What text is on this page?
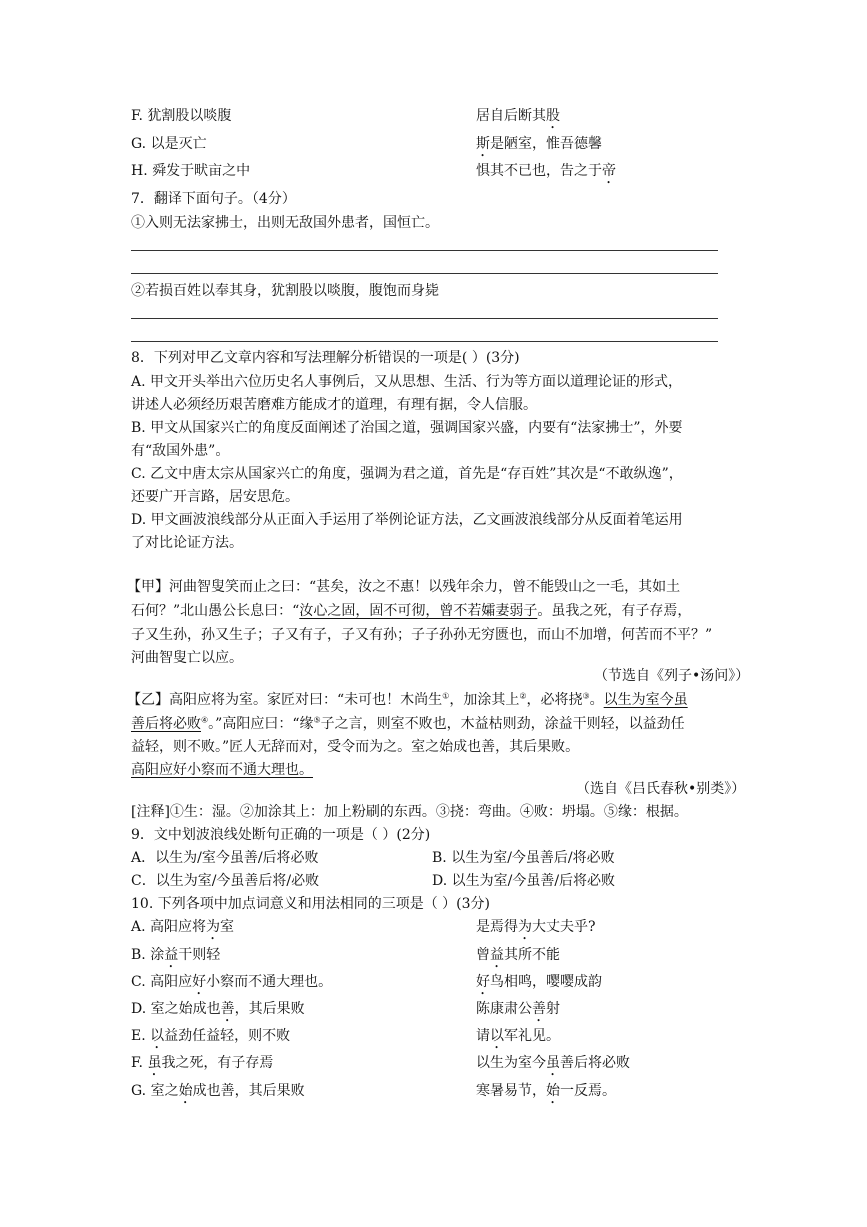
F. 犹割股以啖腹	居自后断其股
G. 以是灭亡	斯是陋室，惟吾德馨
H. 舜发于畎亩之中	惧其不已也，告之于帝
7．翻译下面句子。（4分）
①入则无法家拂士，出则无敌国外患者，国恒亡。
②若损百姓以奉其身，犹割股以啖腹，腹饱而身毙
8．下列对甲乙文章内容和写法理解分析错误的一项是( ）(3分)
A. 甲文开头举出六位历史名人事例后，又从思想、生活、行为等方面以道理论证的形式，
讲述人必须经历艰苦磨难方能成才的道理，有理有据，令人信服。
B. 甲文从国家兴亡的角度反面阐述了治国之道，强调国家兴盛，内要有“法家拂士”，外要
有“敌国外患”。
C. 乙文中唐太宗从国家兴亡的角度，强调为君之道，首先是“存百姓”其次是“不敢纵逸”，
还要广开言路，居安思危。
D. 甲文画波浪线部分从正面入手运用了举例论证方法，乙文画波浪线部分从反面着笔运用
了对比论证方法。
【甲】河曲智叟笑而止之曰：“甚矣，汝之不惠！以残年余力，曾不能毁山之一毛，其如土
石何？”北山愚公长息曰：“汝心之固，固不可彻，曾不若孀妻弱子。虽我之死，有子存焉，
子又生孙，孙又生子；子又有子，子又有孙；子子孙孙无穷匮也，而山不加增，何苦而不平？”
河曲智叟亡以应。
（节选自《列子•汤问》）
【乙】高阳应将为室。家匠对曰：“未可也！木尚生①，加涂其上②，必将挠③。以生为室今虽
善后将必败④。”高阳应曰：“缘⑤子之言，则室不败也，木益枯则劲，涂益干则轻，以益劲任
益轻，则不败。”匠人无辞而对，受令而为之。室之始成也善，其后果败。
高阳应好小察而不通大理也。
（选自《吕氏春秋•别类》）
[注释]①生：湿。②加涂其上：加上粉刷的东西。③挠：弯曲。④败：坍塌。⑤缘：根据。
9．文中划波浪线处断句正确的一项是（ ）(2分)
A．以生为/室今虽善/后将必败	B. 以生为室/今虽善后/将必败
C．以生为室/今虽善后将/必败	D. 以生为室/今虽善/后将必败
10. 下列各项中加点词意义和用法相同的三项是（ ）(3分)
A. 高阳应将为室	是焉得为大丈夫乎?
B. 涂益干则轻	曾益其所不能
C. 高阳应好小察而不通大理也。	好鸟相鸣，嘤嘤成韵
D. 室之始成也善，其后果败	陈康肃公善射
E. 以益劲任益轻，则不败	请以军礼见。
F. 虽我之死，有子存焉	以生为室今虽善后将必败
G. 室之始成也善，其后果败	寒暑易节，始一反焉。
